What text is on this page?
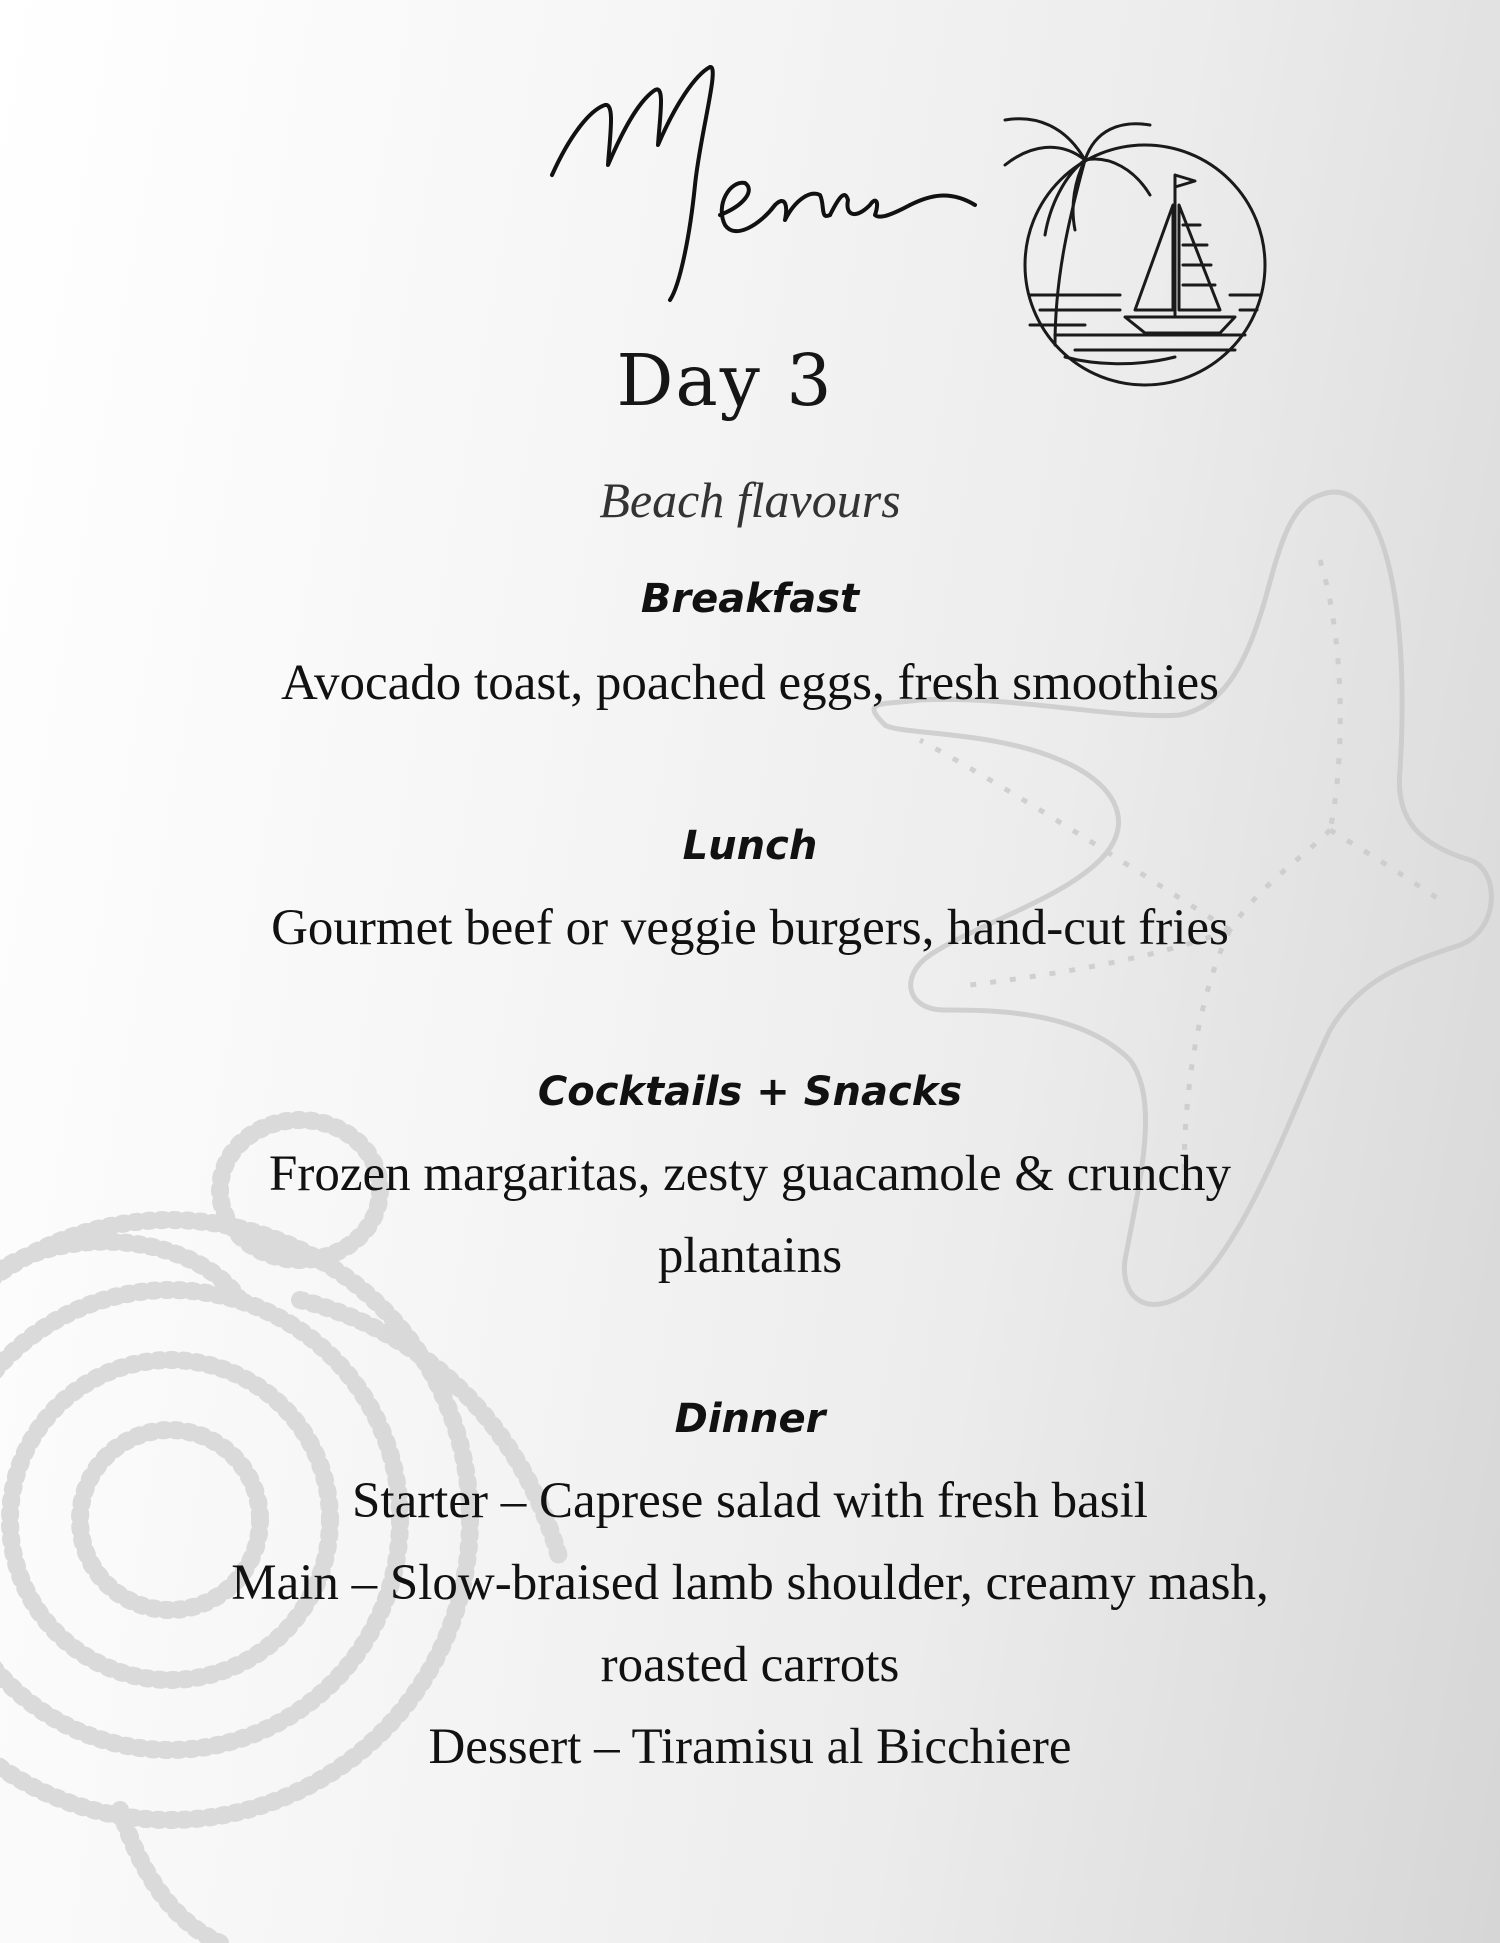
Day 3
Beach flavours
Breakfast
Avocado toast, poached eggs, fresh smoothies
Lunch
Gourmet beef or veggie burgers, hand-cut fries
Cocktails + Snacks
Frozen margaritas, zesty guacamole & crunchy
plantains
Dinner
Starter – Caprese salad with fresh basil
Main – Slow-braised lamb shoulder, creamy mash,
roasted carrots
Dessert – Tiramisu al Bicchiere
